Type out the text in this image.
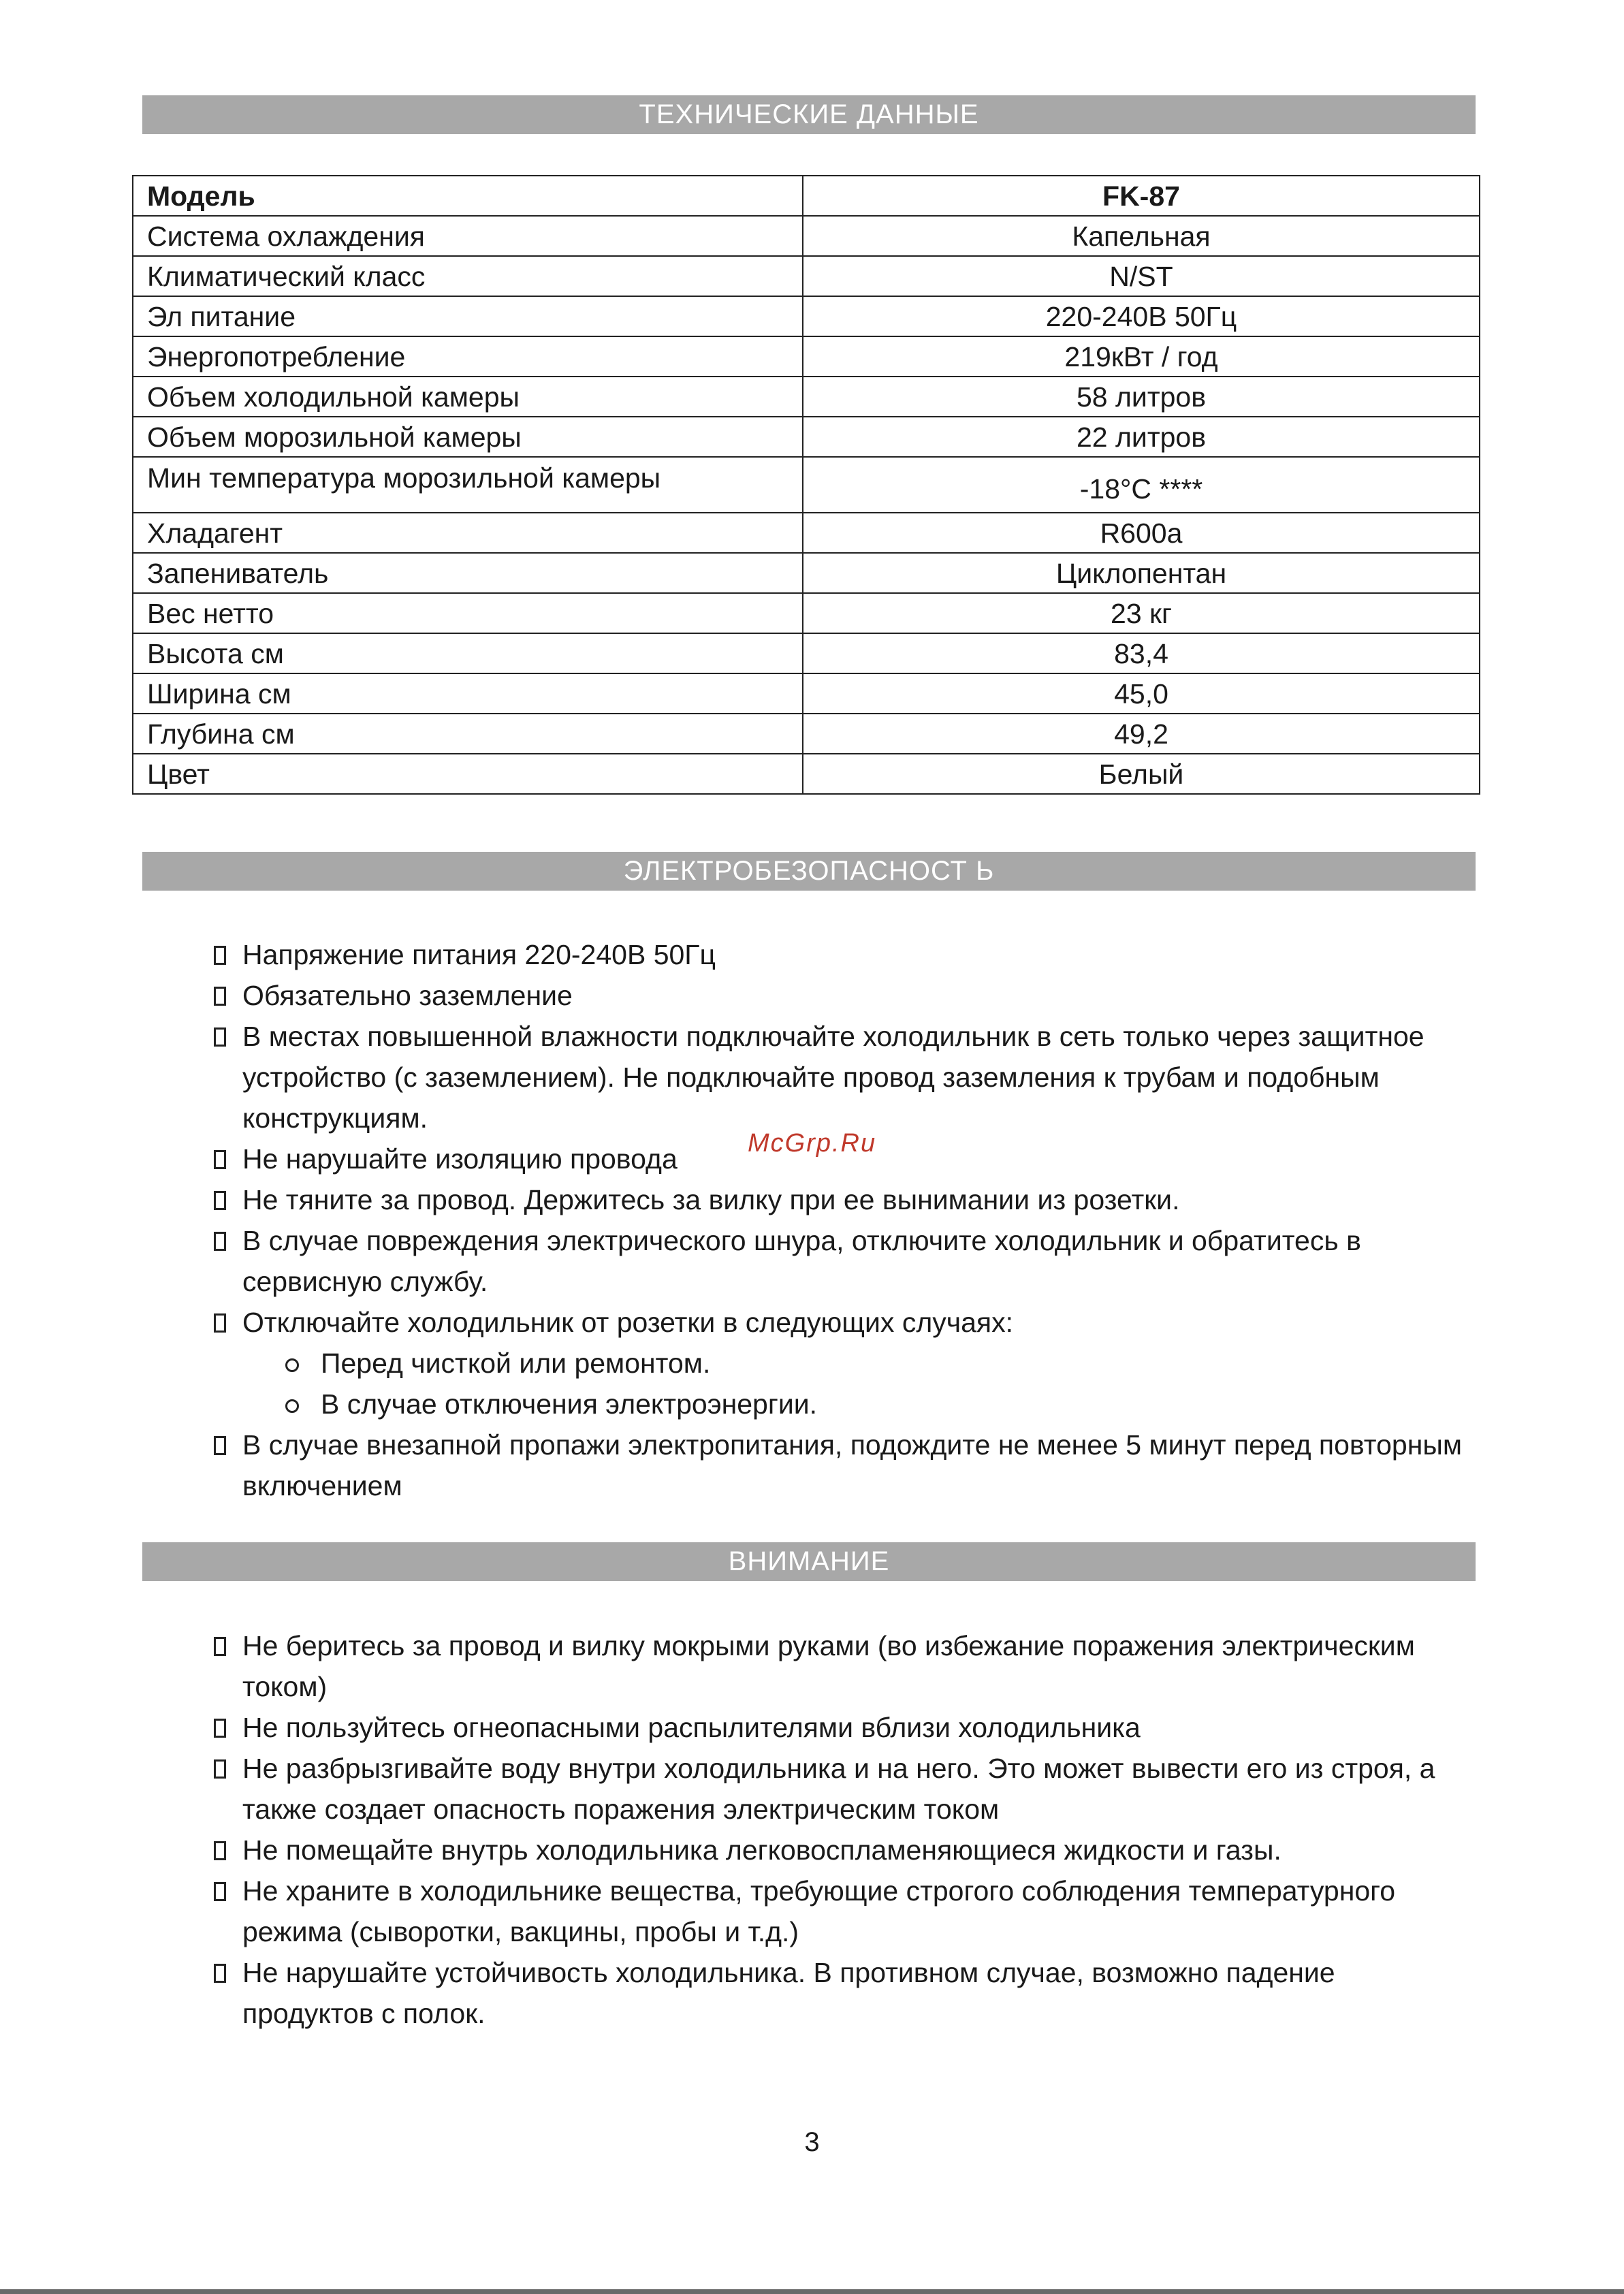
ТЕХНИЧЕСКИЕ ДАННЫЕ
Модель	FK-87
Система охлаждения	Капельная
Климатический класс	N/ST
Эл питание	220-240В 50Гц
Энергопотребление	219кВт / год
Объем холодильной камеры	58 литров
Объем морозильной камеры	22 литров
Мин температура морозильной камеры	-18°С ****
Хладагент	R600a
Запениватель	Циклопентан
Вес нетто	23 кг
Высота см	83,4
Ширина см	45,0
Глубина см	49,2
Цвет	Белый
ЭЛЕКТРОБЕЗОПАСНОСТ Ь
Напряжение питания 220-240В 50Гц
Обязательно заземление
В местах повышенной влажности подключайте холодильник в сеть только через защитное устройство (с заземлением). Не подключайте провод заземления к трубам и подобным конструкциям.
Не нарушайте изоляцию провода
Не тяните за провод. Держитесь за вилку при ее вынимании из розетки.
В случае повреждения электрического шнура, отключите холодильник и обратитесь в сервисную службу.
Отключайте холодильник от розетки в следующих случаях:
Перед чисткой или ремонтом.
В случае отключения электроэнергии.
В случае внезапной пропажи электропитания, подождите не менее 5 минут перед повторным включением
McGrp.Ru
ВНИМАНИЕ
Не беритесь за провод и вилку мокрыми руками (во избежание поражения электрическим током)
Не пользуйтесь огнеопасными распылителями вблизи холодильника
Не разбрызгивайте воду внутри холодильника и на него. Это может вывести его из строя, а также создает опасность поражения электрическим током
Не помещайте внутрь холодильника легковоспламеняющиеся жидкости и газы.
Не храните в холодильнике вещества, требующие строгого соблюдения температурного режима (сыворотки, вакцины, пробы и т.д.)
Не нарушайте устойчивость холодильника. В противном случае, возможно падение продуктов с полок.
3
